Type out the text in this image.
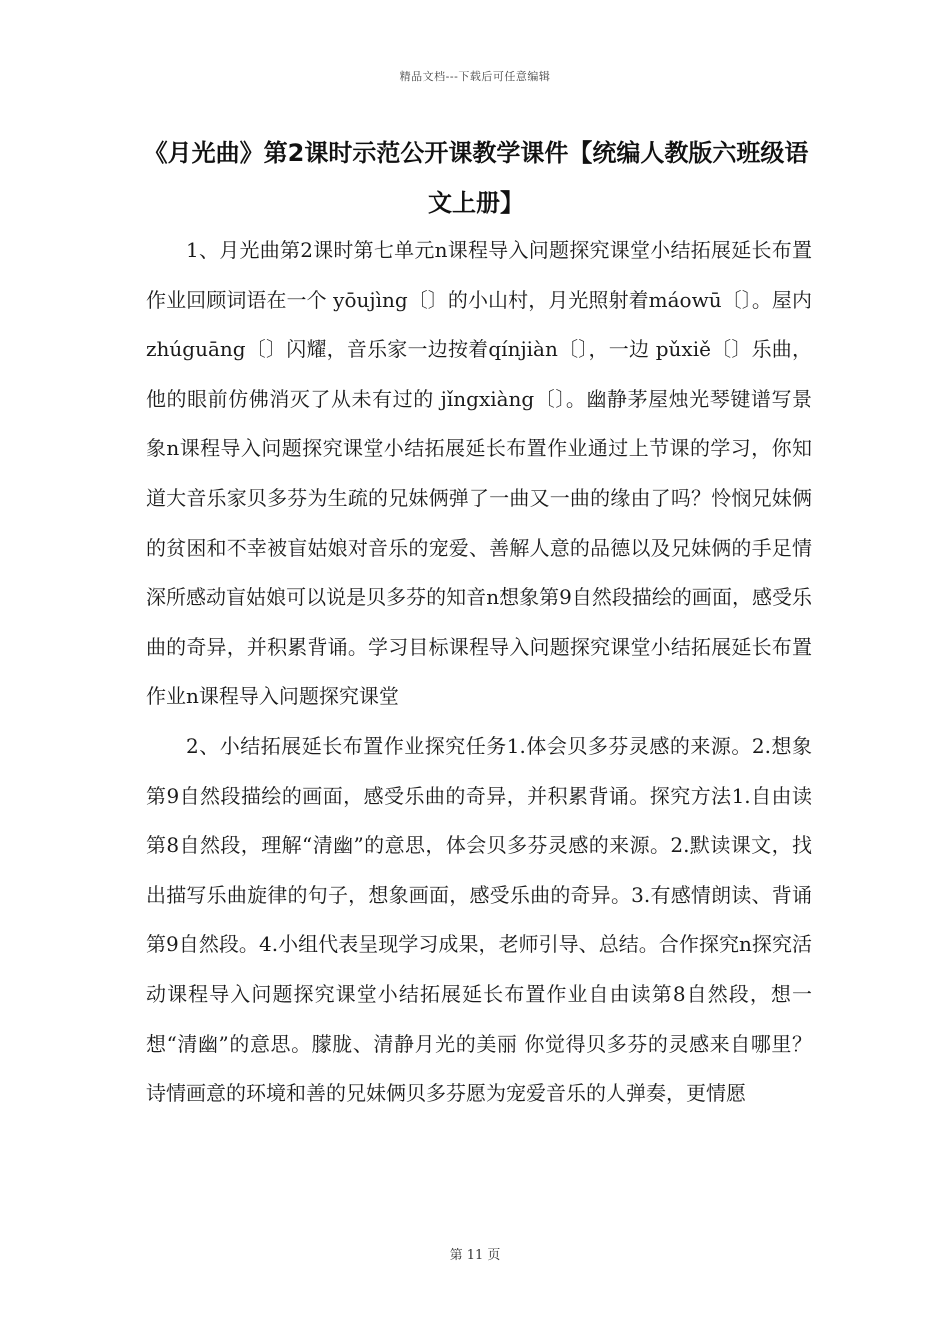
精品文档---下载后可任意编辑
《月光曲》第2课时示范公开课教学课件【统编人教版六班级语文上册】

1、月光曲第2课时第七单元n课程导入问题探究课堂小结拓展延长布置作业回顾词语在一个 yōujìng〔〕的小山村，月光照射着máowū〔〕。屋内 zhúguāng〔〕闪耀，音乐家一边按着qínjiàn〔〕，一边 pǔxiě〔〕乐曲，他的眼前仿佛消灭了从未有过的 jǐngxiàng〔〕。幽静茅屋烛光琴键谱写景象n课程导入问题探究课堂小结拓展延长布置作业通过上节课的学习，你知道大音乐家贝多芬为生疏的兄妹俩弹了一曲又一曲的缘由了吗？怜悯兄妹俩的贫困和不幸被盲姑娘对音乐的宠爱、善解人意的品德以及兄妹俩的手足情深所感动盲姑娘可以说是贝多芬的知音n想象第9自然段描绘的画面，感受乐曲的奇异，并积累背诵。学习目标课程导入问题探究课堂小结拓展延长布置作业n课程导入问题探究课堂

2、小结拓展延长布置作业探究任务1.体会贝多芬灵感的来源。2.想象第9自然段描绘的画面，感受乐曲的奇异，并积累背诵。探究方法1.自由读第8自然段，理解“清幽”的意思，体会贝多芬灵感的来源。2.默读课文，找出描写乐曲旋律的句子，想象画面，感受乐曲的奇异。3.有感情朗读、背诵第9自然段。4.小组代表呈现学习成果，老师引导、总结。合作探究n探究活动课程导入问题探究课堂小结拓展延长布置作业自由读第8自然段，想一想“清幽”的意思。朦胧、清静月光的美丽 你觉得贝多芬的灵感来自哪里？诗情画意的环境和善的兄妹俩贝多芬愿为宠爱音乐的人弹奏，更情愿

第 11 页
